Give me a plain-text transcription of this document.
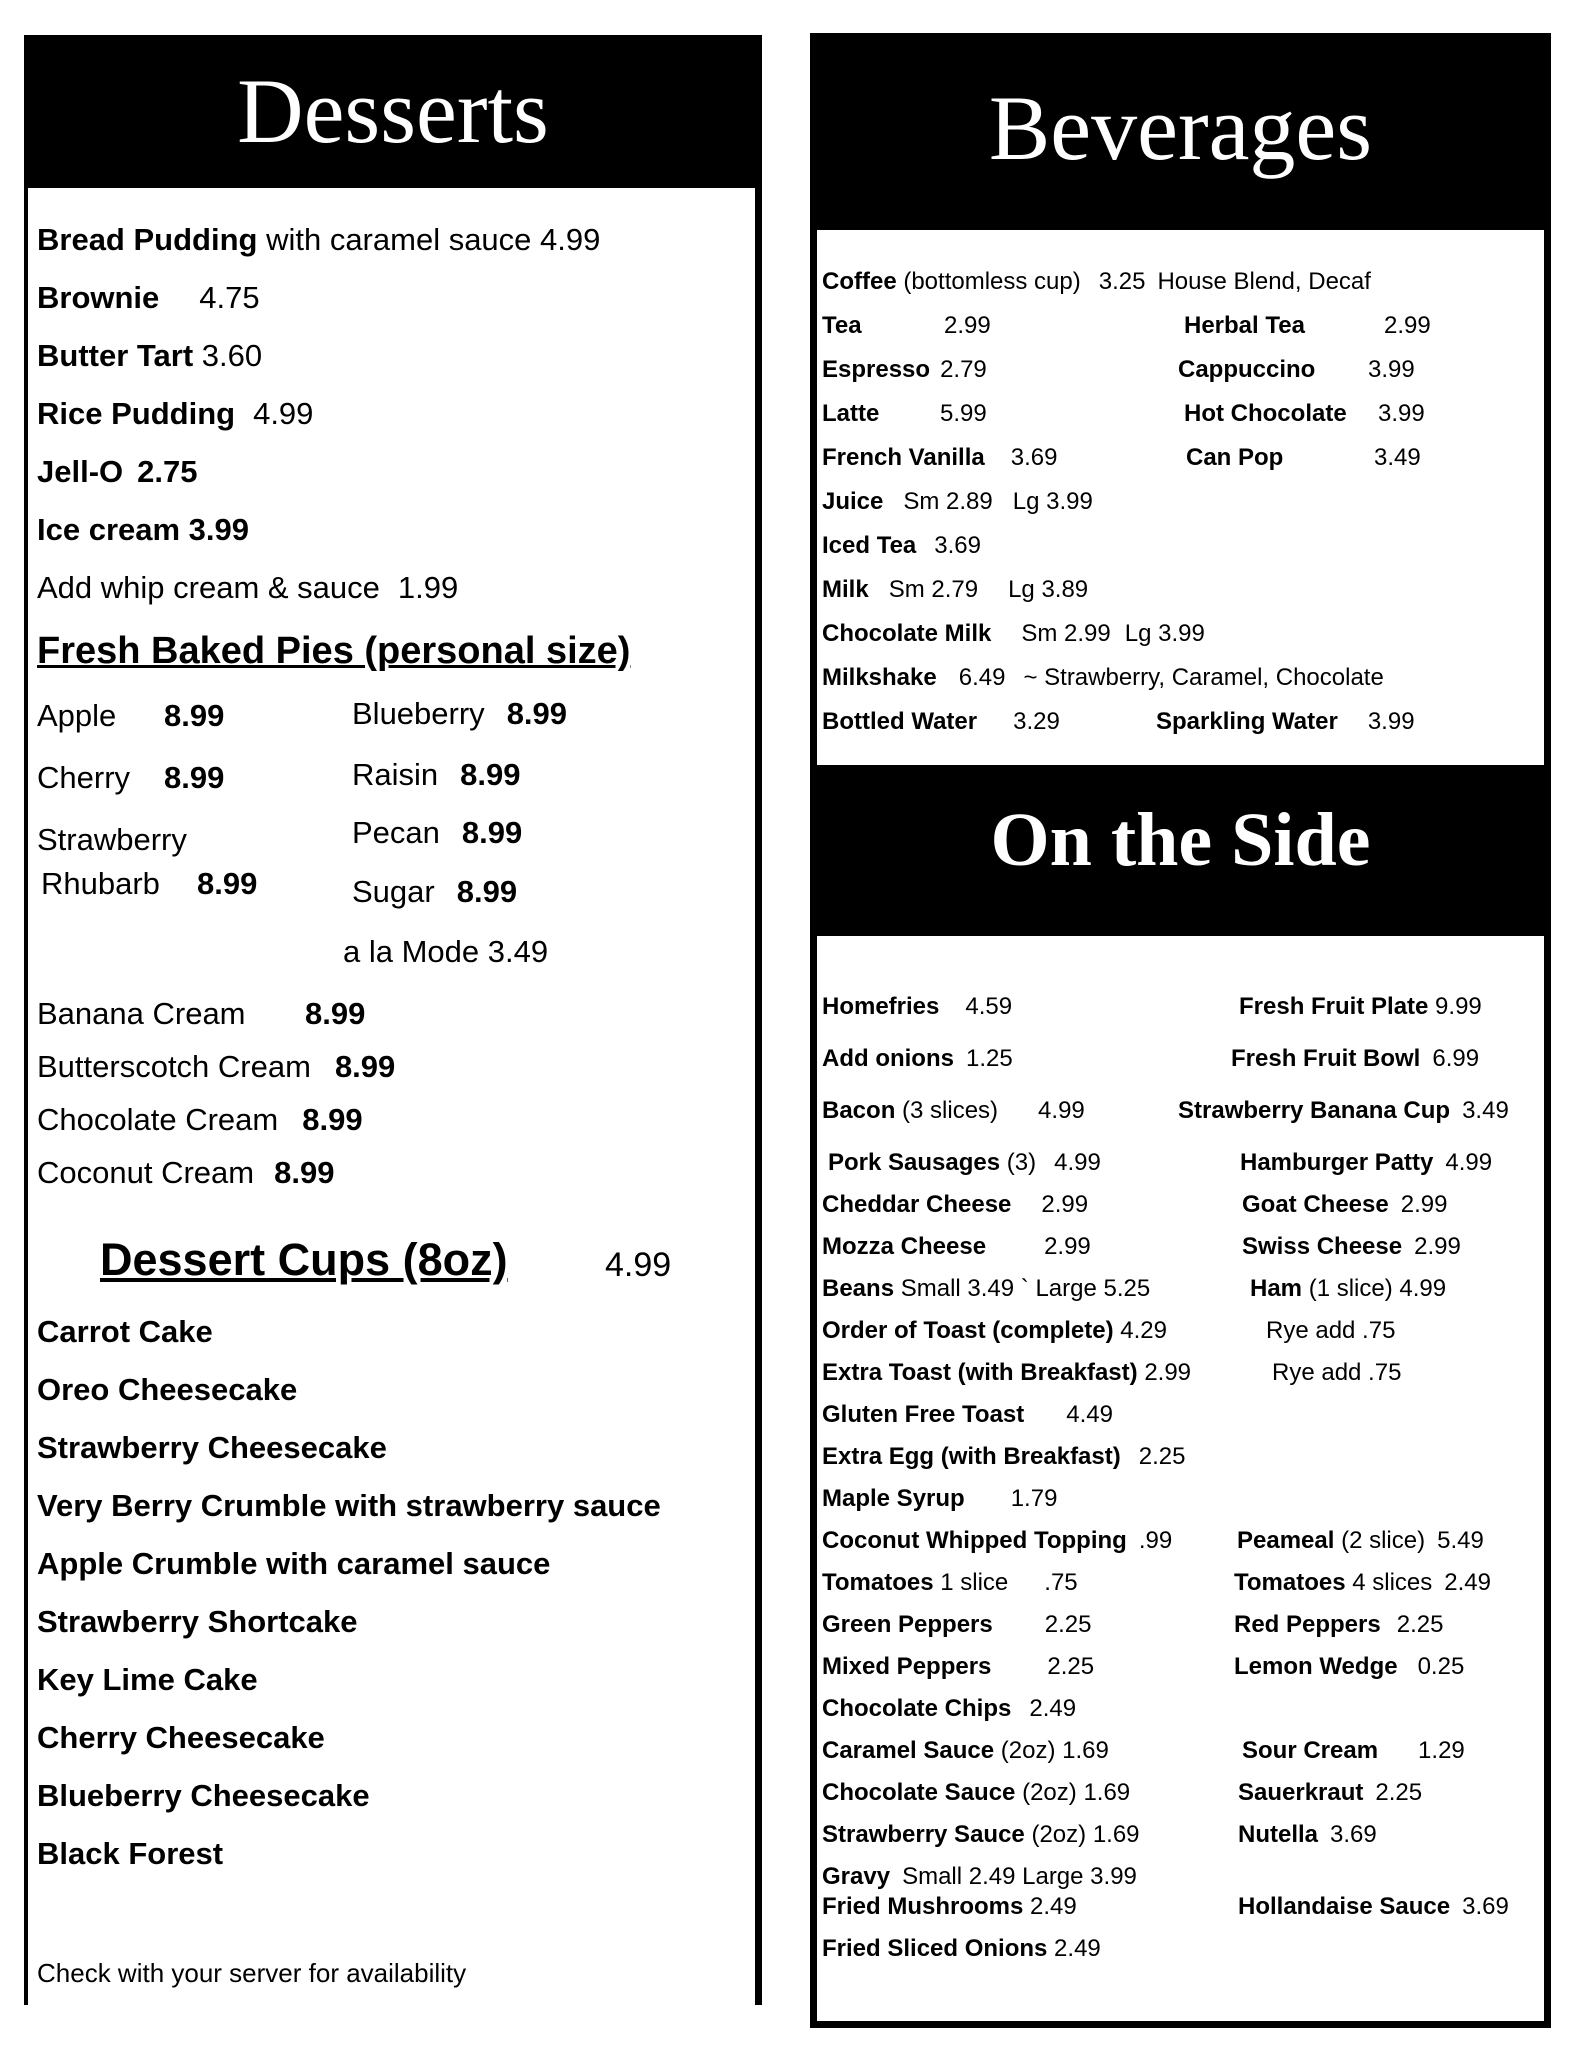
Desserts
Bread Pudding with caramel sauce 4.99
Brownie 4.75
Butter Tart 3.60
Rice Pudding 4.99
Jell-O 2.75
Ice cream 3.99
Add whip cream & sauce 1.99
Fresh Baked Pies (personal size)
Apple 8.99
Cherry 8.99
Strawberry
Rhubarb 8.99
Blueberry 8.99
Raisin 8.99
Pecan 8.99
Sugar 8.99
a la Mode 3.49
Banana Cream 8.99
Butterscotch Cream 8.99
Chocolate Cream 8.99
Coconut Cream 8.99
Dessert Cups (8oz)	4.99
Carrot Cake
Oreo Cheesecake
Strawberry Cheesecake
Very Berry Crumble with strawberry sauce
Apple Crumble with caramel sauce
Strawberry Shortcake
Key Lime Cake
Cherry Cheesecake
Blueberry Cheesecake
Black Forest
Check with your server for availability
Beverages
Coffee (bottomless cup) 3.25 House Blend, Decaf
Tea	2.99	Herbal Tea	2.99
Espresso 2.79	Cappuccino 3.99
Latte	5.99	Hot Chocolate 3.99
French Vanilla 3.69	Can Pop	3.49
Juice Sm 2.89 Lg 3.99
Iced Tea 3.69
Milk Sm 2.79 Lg 3.89
Chocolate Milk Sm 2.99 Lg 3.99
Milkshake 6.49 ~ Strawberry, Caramel, Chocolate
Bottled Water 3.29	Sparkling Water 3.99
On the Side
Homefries 4.59	Fresh Fruit Plate 9.99
Add onions 1.25	Fresh Fruit Bowl 6.99
Bacon (3 slices) 4.99	Strawberry Banana Cup 3.49
Pork Sausages (3) 4.99	Hamburger Patty 4.99
Cheddar Cheese 2.99	Goat Cheese 2.99
Mozza Cheese 2.99	Swiss Cheese 2.99
Beans Small 3.49 ` Large 5.25	Ham (1 slice) 4.99
Order of Toast (complete) 4.29	Rye add .75
Extra Toast (with Breakfast) 2.99	Rye add .75
Gluten Free Toast 4.49
Extra Egg (with Breakfast) 2.25
Maple Syrup 1.79
Coconut Whipped Topping .99	Peameal (2 slice) 5.49
Tomatoes 1 slice .75	Tomatoes 4 slices 2.49
Green Peppers 2.25	Red Peppers 2.25
Mixed Peppers 2.25	Lemon Wedge 0.25
Chocolate Chips 2.49
Caramel Sauce (2oz) 1.69	Sour Cream 1.29
Chocolate Sauce (2oz) 1.69	Sauerkraut 2.25
Strawberry Sauce (2oz) 1.69	Nutella 3.69
Gravy Small 2.49 Large 3.99
Fried Mushrooms 2.49	Hollandaise Sauce 3.69
Fried Sliced Onions 2.49
